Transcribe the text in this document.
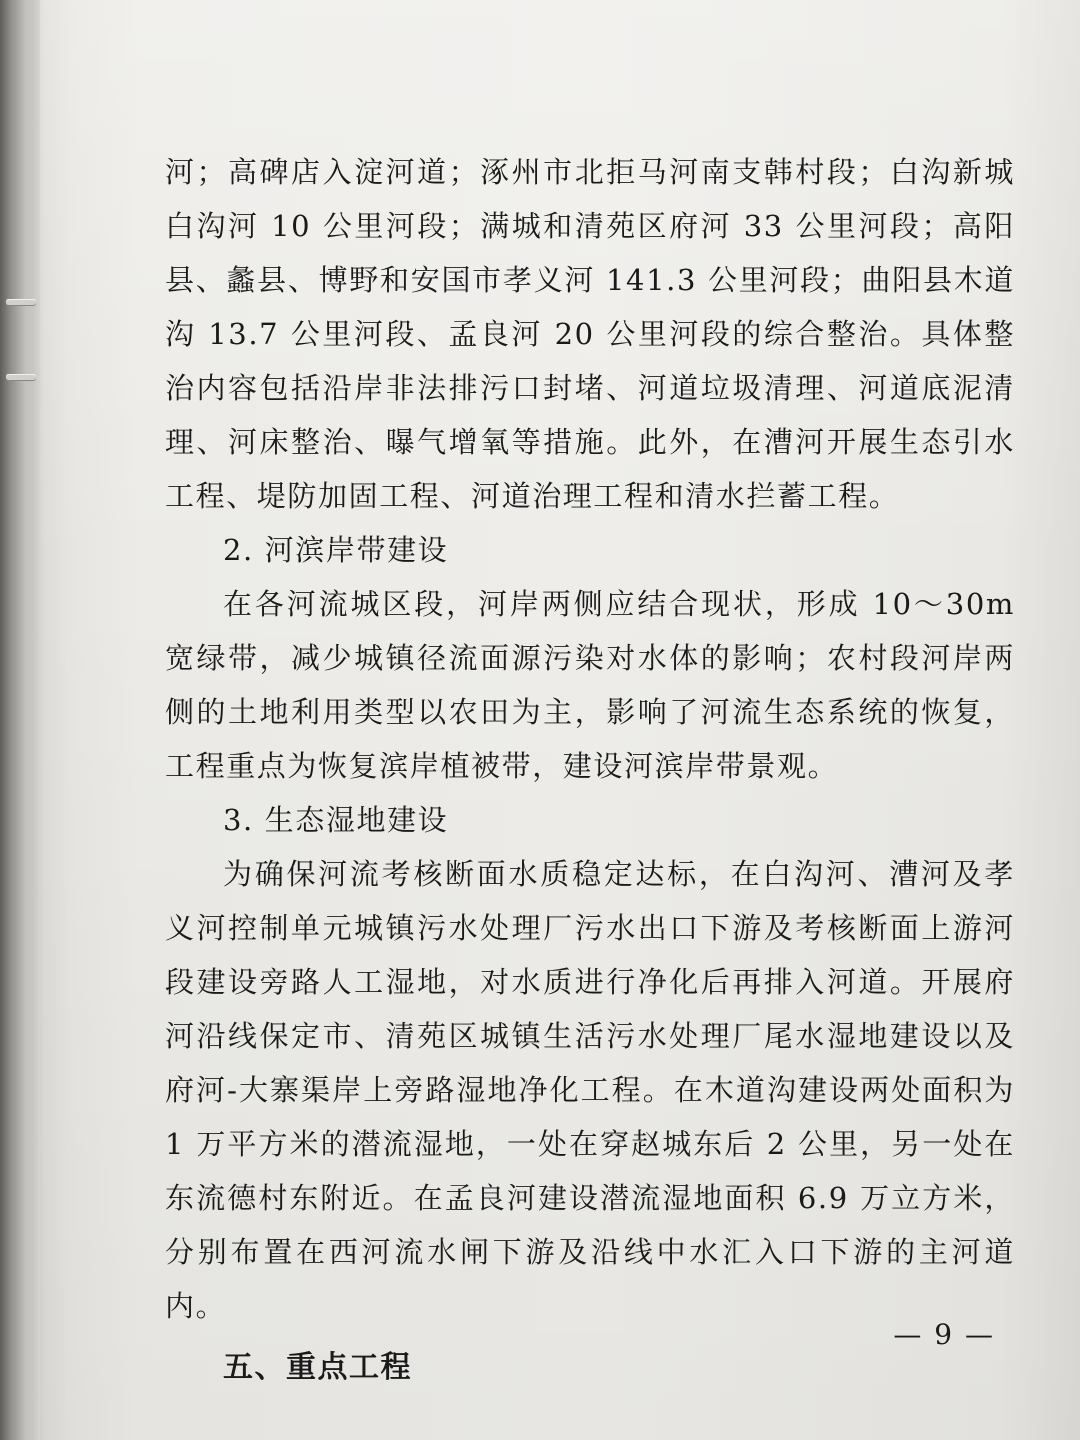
河；高碑店入淀河道；涿州市北拒马河南支韩村段；白沟新城白沟河 10 公里河段；满城和清苑区府河 33 公里河段；高阳县、蠡县、博野和安国市孝义河 141.3 公里河段；曲阳县木道沟 13.7 公里河段、孟良河 20 公里河段的综合整治。具体整治内容包括沿岸非法排污口封堵、河道垃圾清理、河道底泥清理、河床整治、曝气增氧等措施。此外，在漕河开展生态引水工程、堤防加固工程、河道治理工程和清水拦蓄工程。

2. 河滨岸带建设

在各河流城区段，河岸两侧应结合现状，形成 10～30m 宽绿带，减少城镇径流面源污染对水体的影响；农村段河岸两侧的土地利用类型以农田为主，影响了河流生态系统的恢复，工程重点为恢复滨岸植被带，建设河滨岸带景观。

3. 生态湿地建设

为确保河流考核断面水质稳定达标，在白沟河、漕河及孝义河控制单元城镇污水处理厂污水出口下游及考核断面上游河段建设旁路人工湿地，对水质进行净化后再排入河道。开展府河沿线保定市、清苑区城镇生活污水处理厂尾水湿地建设以及府河-大寨渠岸上旁路湿地净化工程。在木道沟建设两处面积为 1 万平方米的潜流湿地，一处在穿赵城东后 2 公里，另一处在东流德村东附近。在孟良河建设潜流湿地面积 6.9 万立方米，分别布置在西河流水闸下游及沿线中水汇入口下游的主河道内。

五、重点工程

— 9 —
